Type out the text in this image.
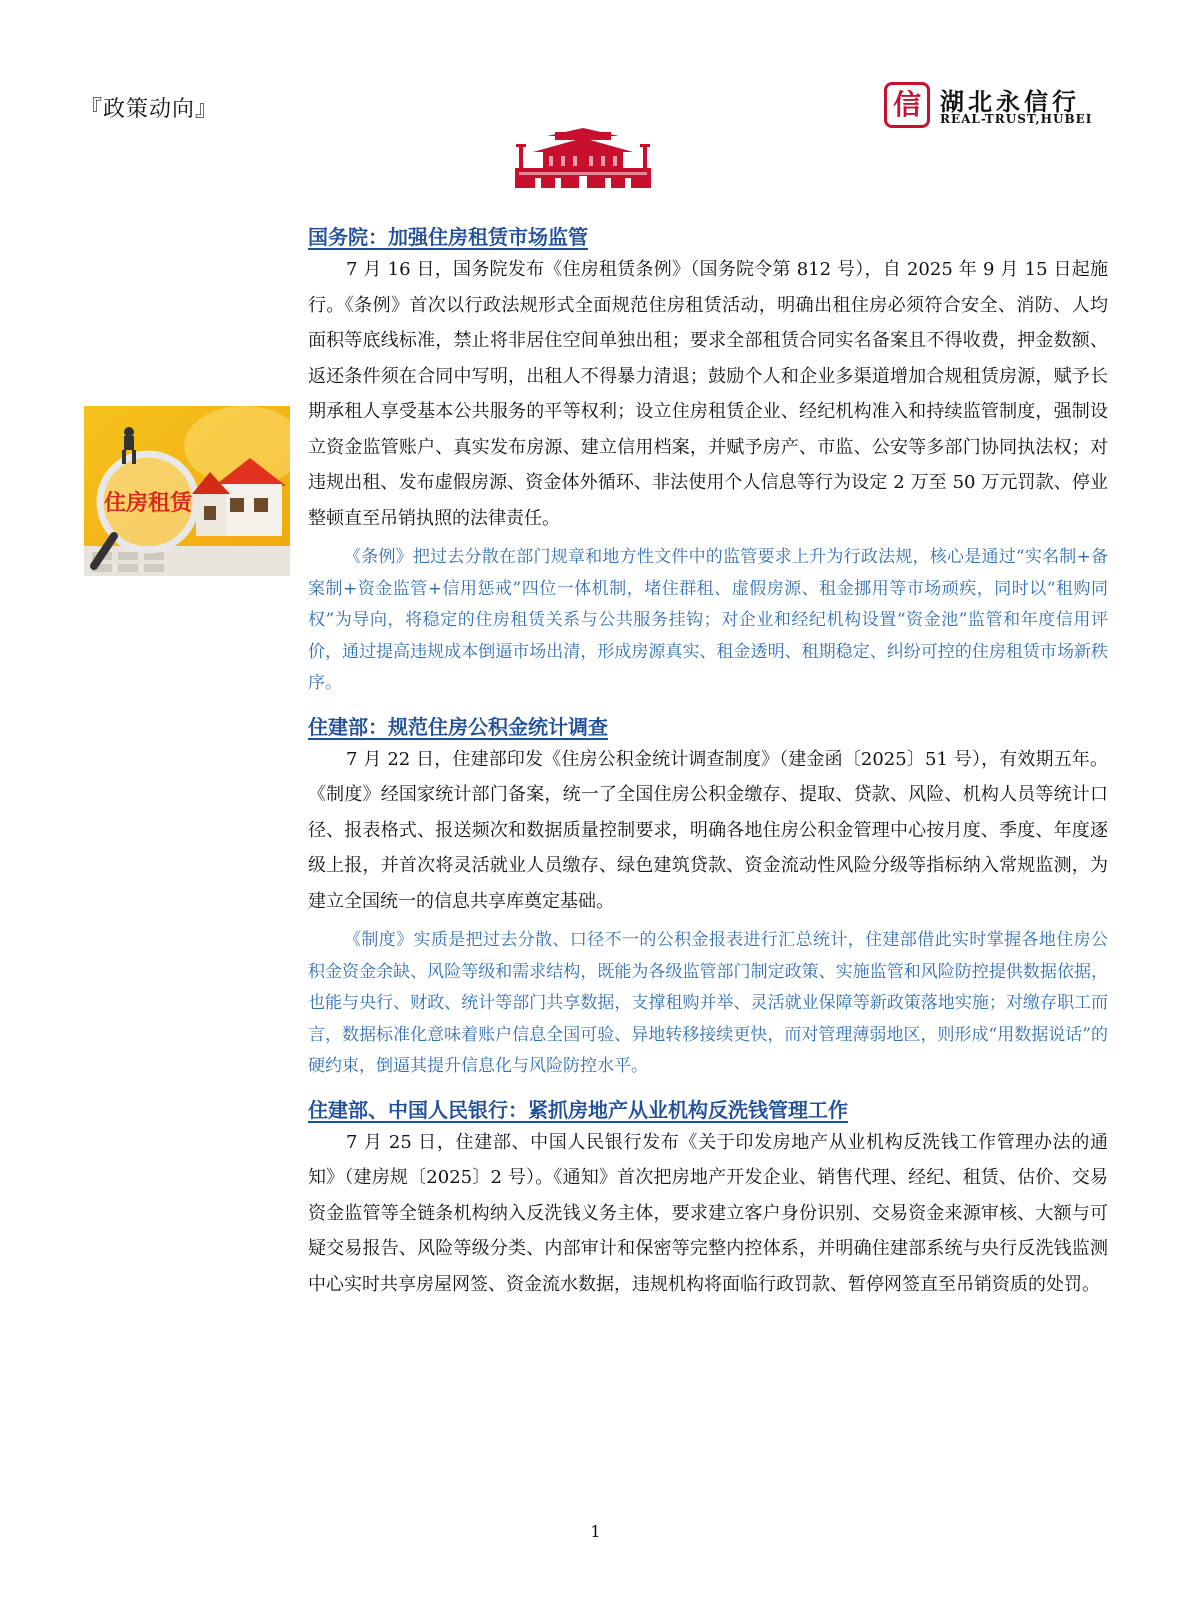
『政策动向』	信 湖北永信行
REAL-TRUST,HUBEI
住房租赁
国务院：加强住房租赁市场监管

7 月 16 日，国务院发布《住房租赁条例》（国务院令第 812 号），自 2025 年 9 月 15 日起施行。《条例》首次以行政法规形式全面规范住房租赁活动，明确出租住房必须符合安全、消防、人均面积等底线标准，禁止将非居住空间单独出租；要求全部租赁合同实名备案且不得收费，押金数额、返还条件须在合同中写明，出租人不得暴力清退；鼓励个人和企业多渠道增加合规租赁房源，赋予长期承租人享受基本公共服务的平等权利；设立住房租赁企业、经纪机构准入和持续监管制度，强制设立资金监管账户、真实发布房源、建立信用档案，并赋予房产、市监、公安等多部门协同执法权；对违规出租、发布虚假房源、资金体外循环、非法使用个人信息等行为设定 2 万至 50 万元罚款、停业整顿直至吊销执照的法律责任。

《条例》把过去分散在部门规章和地方性文件中的监管要求上升为行政法规，核心是通过“实名制+备案制+资金监管+信用惩戒”四位一体机制，堵住群租、虚假房源、租金挪用等市场顽疾，同时以“租购同权”为导向，将稳定的住房租赁关系与公共服务挂钩；对企业和经纪机构设置“资金池”监管和年度信用评价，通过提高违规成本倒逼市场出清，形成房源真实、租金透明、租期稳定、纠纷可控的住房租赁市场新秩序。

住建部：规范住房公积金统计调查

7 月 22 日，住建部印发《住房公积金统计调查制度》（建金函〔2025〕51 号），有效期五年。《制度》经国家统计部门备案，统一了全国住房公积金缴存、提取、贷款、风险、机构人员等统计口径、报表格式、报送频次和数据质量控制要求，明确各地住房公积金管理中心按月度、季度、年度逐级上报，并首次将灵活就业人员缴存、绿色建筑贷款、资金流动性风险分级等指标纳入常规监测，为建立全国统一的信息共享库奠定基础。

《制度》实质是把过去分散、口径不一的公积金报表进行汇总统计，住建部借此实时掌握各地住房公积金资金余缺、风险等级和需求结构，既能为各级监管部门制定政策、实施监管和风险防控提供数据依据，也能与央行、财政、统计等部门共享数据，支撑租购并举、灵活就业保障等新政策落地实施；对缴存职工而言，数据标准化意味着账户信息全国可验、异地转移接续更快，而对管理薄弱地区，则形成“用数据说话”的硬约束，倒逼其提升信息化与风险防控水平。

住建部、中国人民银行：紧抓房地产从业机构反洗钱管理工作

7 月 25 日，住建部、中国人民银行发布《关于印发房地产从业机构反洗钱工作管理办法的通知》（建房规〔2025〕2 号）。《通知》首次把房地产开发企业、销售代理、经纪、租赁、估价、交易资金监管等全链条机构纳入反洗钱义务主体，要求建立客户身份识别、交易资金来源审核、大额与可疑交易报告、风险等级分类、内部审计和保密等完整内控体系，并明确住建部系统与央行反洗钱监测中心实时共享房屋网签、资金流水数据，违规机构将面临行政罚款、暂停网签直至吊销资质的处罚。

1
